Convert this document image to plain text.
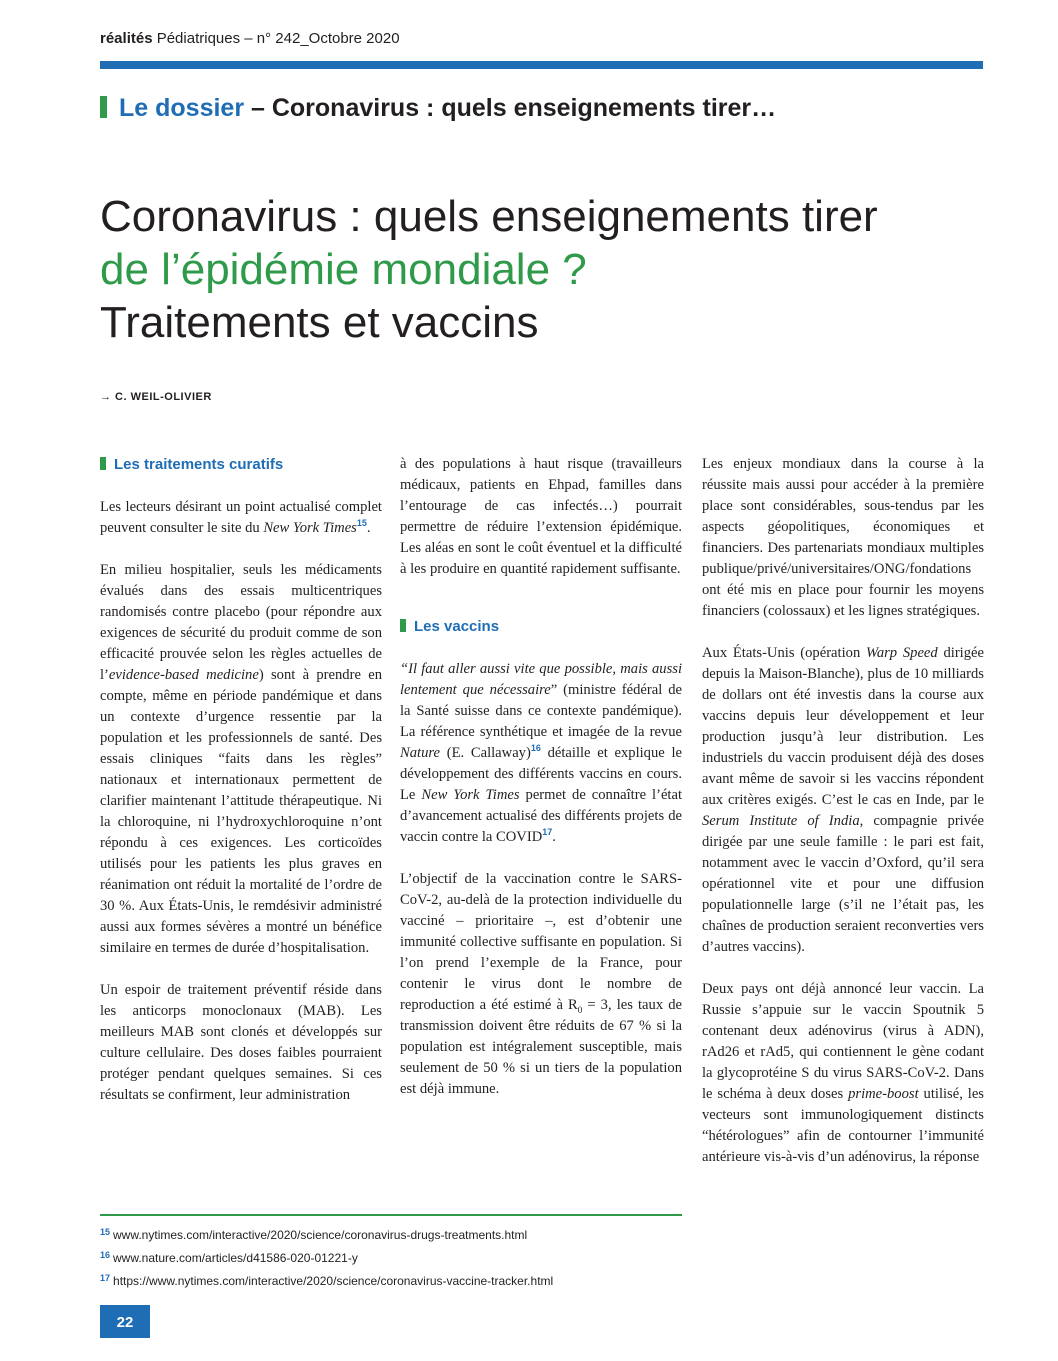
réalités Pédiatriques – n° 242_Octobre 2020
Le dossier – Coronavirus : quels enseignements tirer…
Coronavirus : quels enseignements tirer
de l’épidémie mondiale ?
Traitements et vaccins
→ C. WEIL-OLIVIER
Les traitements curatifs

Les lecteurs désirant un point actualisé complet peuvent consulter le site du New York Times$^{15}$.

En milieu hospitalier, seuls les médicaments évalués dans des essais multicentriques randomisés contre placebo (pour répondre aux exigences de sécurité du produit comme de son efficacité prouvée selon les règles actuelles de l’evidence-based medicine) sont à prendre en compte, même en période pandémique et dans un contexte d’urgence ressentie par la population et les professionnels de santé. Des essais cliniques “faits dans les règles” nationaux et internationaux permettent de clarifier maintenant l’attitude thérapeutique. Ni la chloroquine, ni l’hydroxychloroquine n’ont répondu à ces exigences. Les corticoïdes utilisés pour les patients les plus graves en réanimation ont réduit la mortalité de l’ordre de 30 %. Aux États-Unis, le remdésivir administré aussi aux formes sévères a montré un bénéfice similaire en termes de durée d’hospitalisation.

Un espoir de traitement préventif réside dans les anticorps monoclonaux (MAB). Les meilleurs MAB sont clonés et développés sur culture cellulaire. Des doses faibles pourraient protéger pendant quelques semaines. Si ces résultats se confirment, leur administration

à des populations à haut risque (travailleurs médicaux, patients en Ehpad, familles dans l’entourage de cas infectés…) pourrait permettre de réduire l’extension épidémique. Les aléas en sont le coût éventuel et la difficulté à les produire en quantité rapidement suffisante.

Les vaccins

“Il faut aller aussi vite que possible, mais aussi lentement que nécessaire” (ministre fédéral de la Santé suisse dans ce contexte pandémique). La référence synthétique et imagée de la revue Nature (E. Callaway)$^{16}$ détaille et explique le développement des différents vaccins en cours. Le New York Times permet de connaître l’état d’avancement actualisé des différents projets de vaccin contre la COVID$^{17}$.

L’objectif de la vaccination contre le SARS-CoV-2, au-delà de la protection individuelle du vacciné – prioritaire –, est d’obtenir une immunité collective suffisante en population. Si l’on prend l’exemple de la France, pour contenir le virus dont le nombre de reproduction a été estimé à $R_0 = 3$, les taux de transmission doivent être réduits de 67 % si la population est intégralement susceptible, mais seulement de 50 % si un tiers de la population est déjà immune.

Les enjeux mondiaux dans la course à la réussite mais aussi pour accéder à la première place sont considérables, sous-tendus par les aspects géopolitiques, économiques et financiers. Des partenariats mondiaux multiples publique/privé/universitaires/ONG/fondations ont été mis en place pour fournir les moyens financiers (colossaux) et les lignes stratégiques.

Aux États-Unis (opération Warp Speed dirigée depuis la Maison-Blanche), plus de 10 milliards de dollars ont été investis dans la course aux vaccins depuis leur développement et leur production jusqu’à leur distribution. Les industriels du vaccin produisent déjà des doses avant même de savoir si les vaccins répondent aux critères exigés. C’est le cas en Inde, par le Serum Institute of India, compagnie privée dirigée par une seule famille : le pari est fait, notamment avec le vaccin d’Oxford, qu’il sera opérationnel vite et pour une diffusion populationnelle large (s’il ne l’était pas, les chaînes de production seraient reconverties vers d’autres vaccins).

Deux pays ont déjà annoncé leur vaccin. La Russie s’appuie sur le vaccin Spoutnik 5 contenant deux adénovirus (virus à ADN), rAd26 et rAd5, qui contiennent le gène codant la glycoprotéine S du virus SARS-CoV-2. Dans le schéma à deux doses prime-boost utilisé, les vecteurs sont immunologiquement distincts “hétérologues” afin de contourner l’immunité antérieure vis-à-vis d’un adénovirus, la réponse

$^{15}$ www.nytimes.com/interactive/2020/science/coronavirus-drugs-treatments.html
$^{16}$ www.nature.com/articles/d41586-020-01221-y
$^{17}$ https://www.nytimes.com/interactive/2020/science/coronavirus-vaccine-tracker.html
22
